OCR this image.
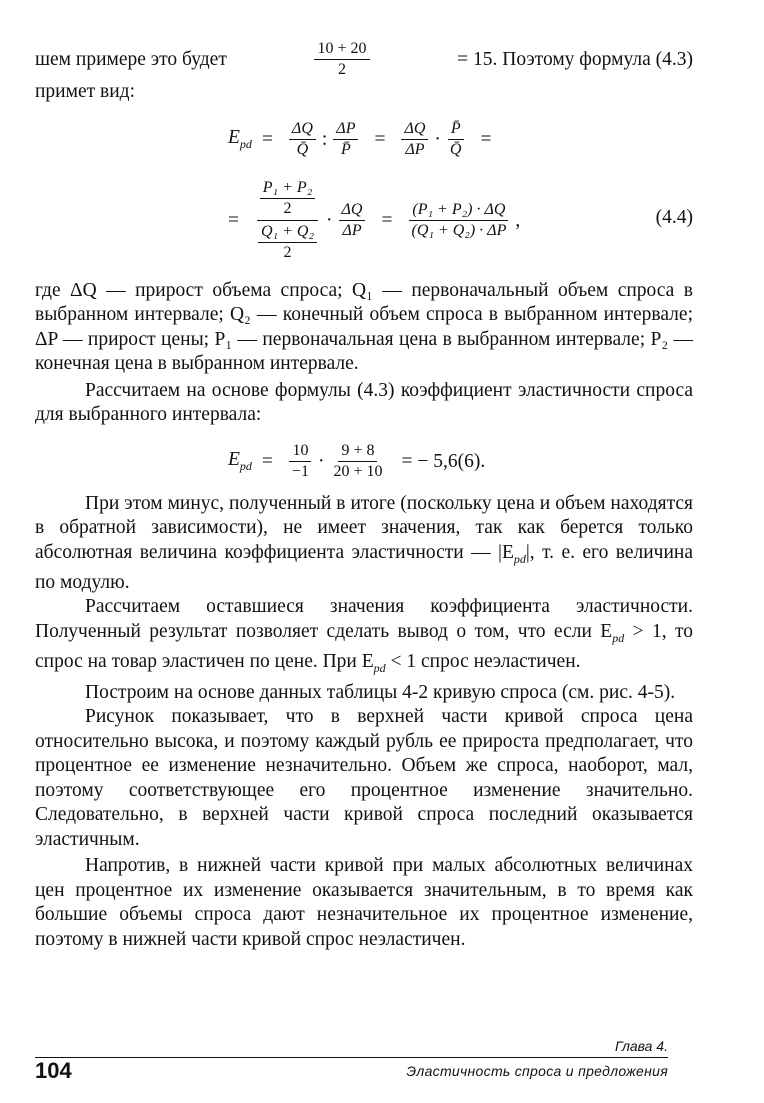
шем примере это будет	$\frac{10 + 20}{2}$	= 15. Поэтому формула (4.3)

примет вид:

$E_{pd} = \frac{\Delta Q}{Q̄}$ : $\frac{\Delta P}{P̄} = \frac{\Delta Q}{\Delta P} \cdot \frac{P̄}{Q̄}$ =
= $\frac{\frac{\text{P₁ + P₂}}{2}}{\frac{\text{Q₁ + Q₂}}{2}} \cdot \frac{\Delta Q}{\Delta P} = \frac{\text{(P₁ + P₂) · ΔQ}}{\text{(Q₁ + Q₂) · ΔP}}$ ,	(4.4)

где ΔQ — прирост объема спроса; Q₁ — первоначальный объем спроса в выбранном интервале; Q₂ — конечный объем спроса в выбранном интервале; ΔP — прирост цены; P₁ — первоначальная цена в выбранном интервале; P₂ — конечная цена в выбранном интервале.

Рассчитаем на основе формулы (4.3) коэффициент эластичности спроса для выбранного интервала:

$E_{pd} = \frac{10}{-1} \cdot \frac{9 + 8}{20 + 10}$ = − 5,6(6).

При этом минус, полученный в итоге (поскольку цена и объем находятся в обратной зависимости), не имеет значения, так как берется только абсолютная величина коэффициента эластичности — $|E_{pd}|$, т. е. его величина по модулю.

Рассчитаем оставшиеся значения коэффициента эластичности. Полученный результат позволяет сделать вывод о том, что если $E_{pd} > 1$, то спрос на товар эластичен по цене. При $E_{pd} < 1$ спрос неэластичен.

Построим на основе данных таблицы 4-2 кривую спроса (см. рис. 4-5).

Рисунок показывает, что в верхней части кривой спроса цена относительно высока, и поэтому каждый рубль ее прироста предполагает, что процентное ее изменение незначительно. Объем же спроса, наоборот, мал, поэтому соответствующее его процентное изменение значительно. Следовательно, в верхней части кривой спроса последний оказывается эластичным.

Напротив, в нижней части кривой при малых абсолютных величинах цен процентное их изменение оказывается значительным, в то время как большие объемы спроса дают незначительное их процентное изменение, поэтому в нижней части кривой спрос неэластичен.

Глава 4.
104	Эластичность спроса и предложения
